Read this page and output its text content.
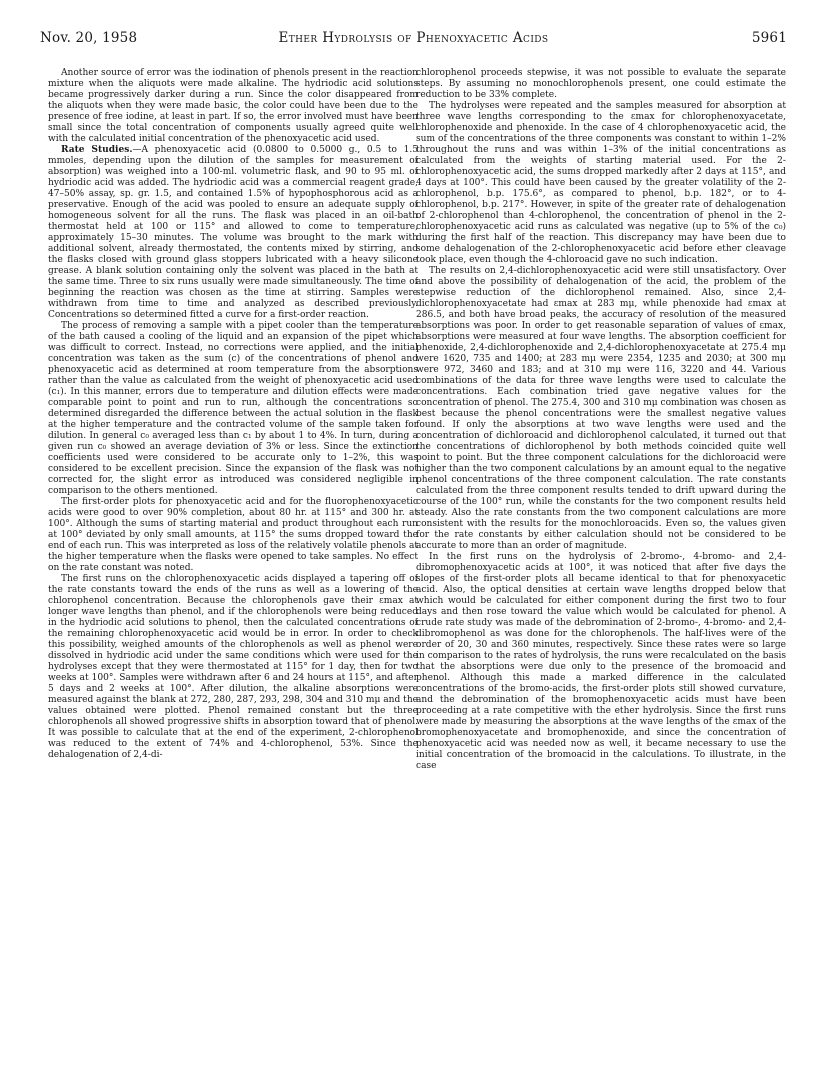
Nov. 20, 1958	Ether Hydrolysis of Phenoxyacetic Acids	5961

Another source of error was the iodination of phenols present in the reaction mixture when the aliquots were made alkaline. The hydriodic acid solutions became progressively darker during a run. Since the color disappeared from the aliquots when they were made basic, the color could have been due to the presence of free iodine, at least in part. If so, the error involved must have been small since the total concentration of components usually agreed quite well with the calculated initial concentration of the phenoxyacetic acid used.

Rate Studies.—A phenoxyacetic acid (0.0800 to 0.5000 g., 0.5 to 1.5 mmoles, depending upon the dilution of the samples for measurement of absorption) was weighed into a 100-ml. volumetric flask, and 90 to 95 ml. of hydriodic acid was added. The hydriodic acid was a commercial reagent grade, 47–50% assay, sp. gr. 1.5, and contained 1.5% of hypophosphorous acid as a preservative. Enough of the acid was pooled to ensure an adequate supply of homogeneous solvent for all the runs. The flask was placed in an oil-bath thermostat held at 100 or 115° and allowed to come to temperature, approximately 15–30 minutes. The volume was brought to the mark with additional solvent, already thermostated, the contents mixed by stirring, and the flasks closed with ground glass stoppers lubricated with a heavy silicone grease. A blank solution containing only the solvent was placed in the bath at the same time. Three to six runs usually were made simultaneously. The time of beginning the reaction was chosen as the time at stirring. Samples were withdrawn from time to time and analyzed as described previously. Concentrations so determined fitted a curve for a first-order reaction.

The process of removing a sample with a pipet cooler than the temperature of the bath caused a cooling of the liquid and an expansion of the pipet which was difficult to correct. Instead, no corrections were applied, and the initial concentration was taken as the sum (c) of the concentrations of phenol and phenoxyacetic acid as determined at room temperature from the absorptions rather than the value as calculated from the weight of phenoxyacetic acid used (c₁). In this manner, errors due to temperature and dilution effects were made comparable point to point and run to run, although the concentrations so determined disregarded the difference between the actual solution in the flask at the higher temperature and the contracted volume of the sample taken for dilution. In general c₀ averaged less than c₁ by about 1 to 4%. In turn, during a given run c₀ showed an average deviation of 3% or less. Since the extinction coefficients used were considered to be accurate only to 1–2%, this was considered to be excellent precision. Since the expansion of the flask was not corrected for, the slight error as introduced was considered negligible in comparison to the others mentioned.

The first-order plots for phenoxyacetic acid and for the fluorophenoxyacetic acids were good to over 90% completion, about 80 hr. at 115° and 300 hr. at 100°. Although the sums of starting material and product throughout each run at 100° deviated by only small amounts, at 115° the sums dropped toward the end of each run. This was interpreted as loss of the relatively volatile phenols at the higher temperature when the flasks were opened to take samples. No effect on the rate constant was noted.

The first runs on the chlorophenoxyacetic acids displayed a tapering off of the rate constants toward the ends of the runs as well as a lowering of the chlorophenol concentration. Because the chlorophenols gave their εmax at longer wave lengths than phenol, and if the chlorophenols were being reduced in the hydriodic acid solutions to phenol, then the calculated concentrations of the remaining chlorophenoxyacetic acid would be in error. In order to check this possibility, weighed amounts of the chlorophenols as well as phenol were dissolved in hydriodic acid under the same conditions which were used for the hydrolyses except that they were thermostated at 115° for 1 day, then for two weeks at 100°. Samples were withdrawn after 6 and 24 hours at 115°, and after 5 days and 2 weeks at 100°. After dilution, the alkaline absorptions were measured against the blank at 272, 280, 287, 293, 298, 304 and 310 mμ and the values obtained were plotted. Phenol remained constant but the three chlorophenols all showed progressive shifts in absorption toward that of phenol. It was possible to calculate that at the end of the experiment, 2-chlorophenol was reduced to the extent of 74% and 4-chlorophenol, 53%. Since the dehalogenation of 2,4-di-

chlorophenol proceeds stepwise, it was not possible to evaluate the separate steps. By assuming no monochlorophenols present, one could estimate the reduction to be 33% complete.

The hydrolyses were repeated and the samples measured for absorption at three wave lengths corresponding to the εmax for chlorophenoxyacetate, chlorophenoxide and phenoxide. In the case of 4 chlorophenoxyacetic acid, the sum of the concentrations of the three components was constant to within 1–2% throughout the runs and was within 1–3% of the initial concentrations as calculated from the weights of starting material used. For the 2-chlorophenoxyacetic acid, the sums dropped markedly after 2 days at 115°, and 4 days at 100°. This could have been caused by the greater volatility of the 2-chlorophenol, b.p. 175.6°, as compared to phenol, b.p. 182°, or to 4-chlorophenol, b.p. 217°. However, in spite of the greater rate of dehalogenation of 2-chlorophenol than 4-chlorophenol, the concentration of phenol in the 2-chlorophenoxyacetic acid runs as calculated was negative (up to 5% of the c₀) during the first half of the reaction. This discrepancy may have been due to some dehalogenation of the 2-chlorophenoxyacetic acid before ether cleavage took place, even though the 4-chloroacid gave no such indication.

The results on 2,4-dichlorophenoxyacetic acid were still unsatisfactory. Over and above the possibility of dehalogenation of the acid, the problem of the stepwise reduction of the dichlorophenol remained. Also, since 2,4-dichlorophenoxyacetate had εmax at 283 mμ, while phenoxide had εmax at 286.5, and both have broad peaks, the accuracy of resolution of the measured absorptions was poor. In order to get reasonable separation of values of εmax, absorptions were measured at four wave lengths. The absorption coefficient for phenoxide, 2,4-dichlorophenoxide and 2,4-dichlorophenoxyacetate at 275.4 mμ were 1620, 735 and 1400; at 283 mμ were 2354, 1235 and 2030; at 300 mμ were 972, 3460 and 183; and at 310 mμ were 116, 3220 and 44. Various combinations of the data for three wave lengths were used to calculate the concentrations. Each combination tried gave negative values for the concentration of phenol. The 275.4, 300 and 310 mμ combination was chosen as best because the phenol concentrations were the smallest negative values found. If only the absorptions at two wave lengths were used and the concentration of dichloroacid and dichlorophenol calculated, it turned out that the concentrations of dichlorophenol by both methods coincided quite well point to point. But the three component calculations for the dichloroacid were higher than the two component calculations by an amount equal to the negative phenol concentrations of the three component calculation. The rate constants calculated from the three component results tended to drift upward during the course of the 100° run, while the constants for the two component results held steady. Also the rate constants from the two component calculations are more consistent with the results for the monochloroacids. Even so, the values given for the rate constants by either calculation should not be considered to be accurate to more than an order of magnitude.

In the first runs on the hydrolysis of 2-bromo-, 4-bromo- and 2,4-dibromophenoxyacetic acids at 100°, it was noticed that after five days the slopes of the first-order plots all became identical to that for phenoxyacetic acid. Also, the optical densities at certain wave lengths dropped below that which would be calculated for either component during the first two to four days and then rose toward the value which would be calculated for phenol. A crude rate study was made of the debromination of 2-bromo-, 4-bromo- and 2,4-dibromophenol as was done for the chlorophenols. The half-lives were of the order of 20, 30 and 360 minutes, respectively. Since these rates were so large in comparison to the rates of hydrolysis, the runs were recalculated on the basis that the absorptions were due only to the presence of the bromoacid and phenol. Although this made a marked difference in the calculated concentrations of the bromo-acids, the first-order plots still showed curvature, and the debromination of the bromophenoxyacetic acids must have been proceeding at a rate competitive with the ether hydrolysis. Since the first runs were made by measuring the absorptions at the wave lengths of the εmax of the bromophenoxyacetate and bromophenoxide, and since the concentration of phenoxyacetic acid was needed now as well, it became necessary to use the initial concentration of the bromoacid in the calculations. To illustrate, in the case
